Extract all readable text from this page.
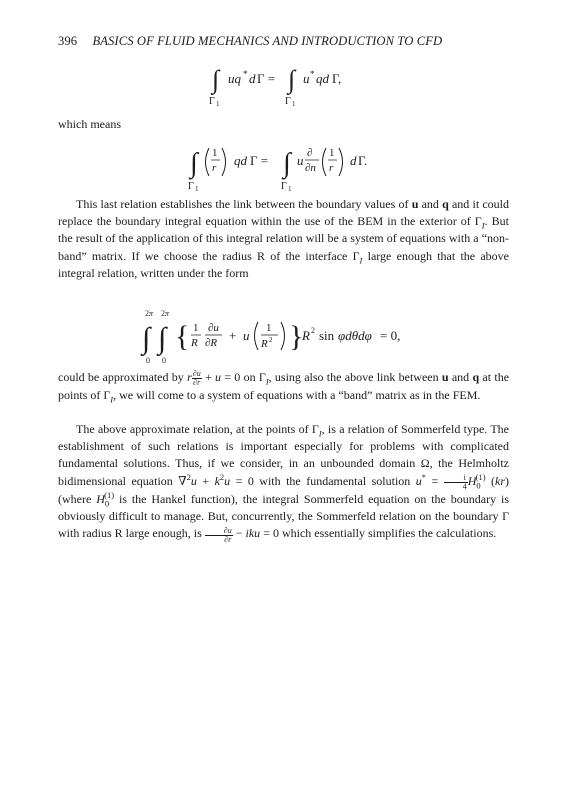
396 BASICS OF FLUID MECHANICS AND INTRODUCTION TO CFD
∫
Γ 1
uq * d Γ = ∫
Γ 1
u * qd Γ,
which means
∫
Γ 1
1
r qd Γ = ∫
Γ 1
u ∂
∂n
1
r d Γ.
This last relation establishes the link between the boundary values of u and q and it could replace the boundary integral equation within the use of the BEM in the exterior of $\Gamma_I$. But the result of the application of this integral relation will be a system of equations with a “non-band” matrix. If we choose the radius R of the interface $\Gamma_I$ large enough that the above integral relation, written under the form
2 π 2 π
∫ ∫
0 0
{ 1
R
∂u
∂R + u 1
R 2 }
R 2 sin φdθdφ = 0,
could be approximated by r $\frac{\partial u}{\partial r} + u = 0$ on $\Gamma_I$, using also the above link between u and q at the points of $\Gamma_I$, we will come to a system of equations with a “band” matrix as in the FEM.
The above approximate relation, at the points of $\Gamma_I$, is a relation of Sommerfeld type. The establishment of such relations is important especially for problems with complicated fundamental solutions. Thus, if we consider, in an unbounded domain Ω, the Helmholtz bidimensional equation $\nabla^2u + k^2u = 0$ with the fundamental solution $u^* = \frac{i}{4} H_0^{(1)}$ (kr) (where $H_0^{(1)}$ is the Hankel function), the integral Sommerfeld equation on the boundary is obviously difficult to manage. But, concurrently, the Sommerfeld relation on the boundary Γ with radius R large enough, is $\frac{\partial u}{\partial r}$ − iku = 0 which essentially simplifies the calculations.
